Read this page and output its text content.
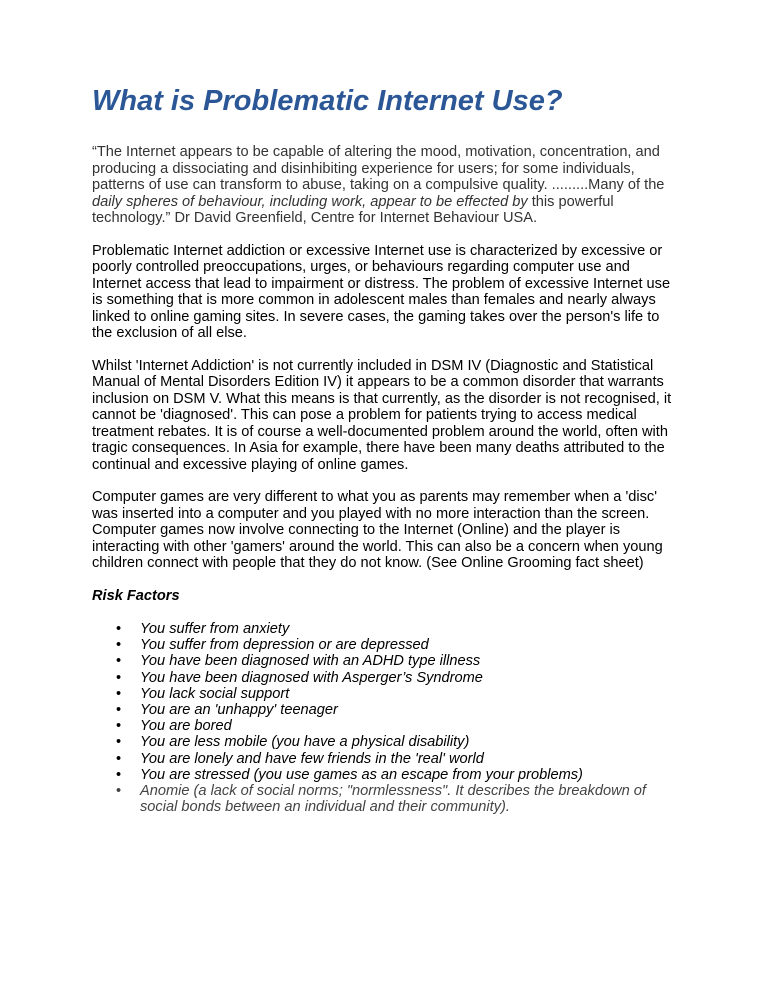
What is Problematic Internet Use?

“The Internet appears to be capable of altering the mood, motivation, concentration, and producing a dissociating and disinhibiting experience for users; for some individuals, patterns of use can transform to abuse, taking on a compulsive quality. .........Many of the daily spheres of behaviour, including work, appear to be effected by this powerful technology.” Dr David Greenfield, Centre for Internet Behaviour USA.

Problematic Internet addiction or excessive Internet use is characterized by excessive or poorly controlled preoccupations, urges, or behaviours regarding computer use and Internet access that lead to impairment or distress. The problem of excessive Internet use is something that is more common in adolescent males than females and nearly always linked to online gaming sites. In severe cases, the gaming takes over the person's life to the exclusion of all else.

Whilst 'Internet Addiction' is not currently included in DSM IV (Diagnostic and Statistical Manual of Mental Disorders Edition IV) it appears to be a common disorder that warrants inclusion on DSM V. What this means is that currently, as the disorder is not recognised, it cannot be 'diagnosed'. This can pose a problem for patients trying to access medical treatment rebates. It is of course a well-documented problem around the world, often with tragic consequences. In Asia for example, there have been many deaths attributed to the continual and excessive playing of online games.

Computer games are very different to what you as parents may remember when a 'disc' was inserted into a computer and you played with no more interaction than the screen. Computer games now involve connecting to the Internet (Online) and the player is interacting with other 'gamers' around the world. This can also be a concern when young children connect with people that they do not know. (See Online Grooming fact sheet)

Risk Factors

• You suffer from anxiety
• You suffer from depression or are depressed
• You have been diagnosed with an ADHD type illness
• You have been diagnosed with Asperger’s Syndrome
• You lack social support
• You are an 'unhappy' teenager
• You are bored
• You are less mobile (you have a physical disability)
• You are lonely and have few friends in the 'real' world
• You are stressed (you use games as an escape from your problems)
• Anomie (a lack of social norms; "normlessness". It describes the breakdown of social bonds between an individual and their community).
